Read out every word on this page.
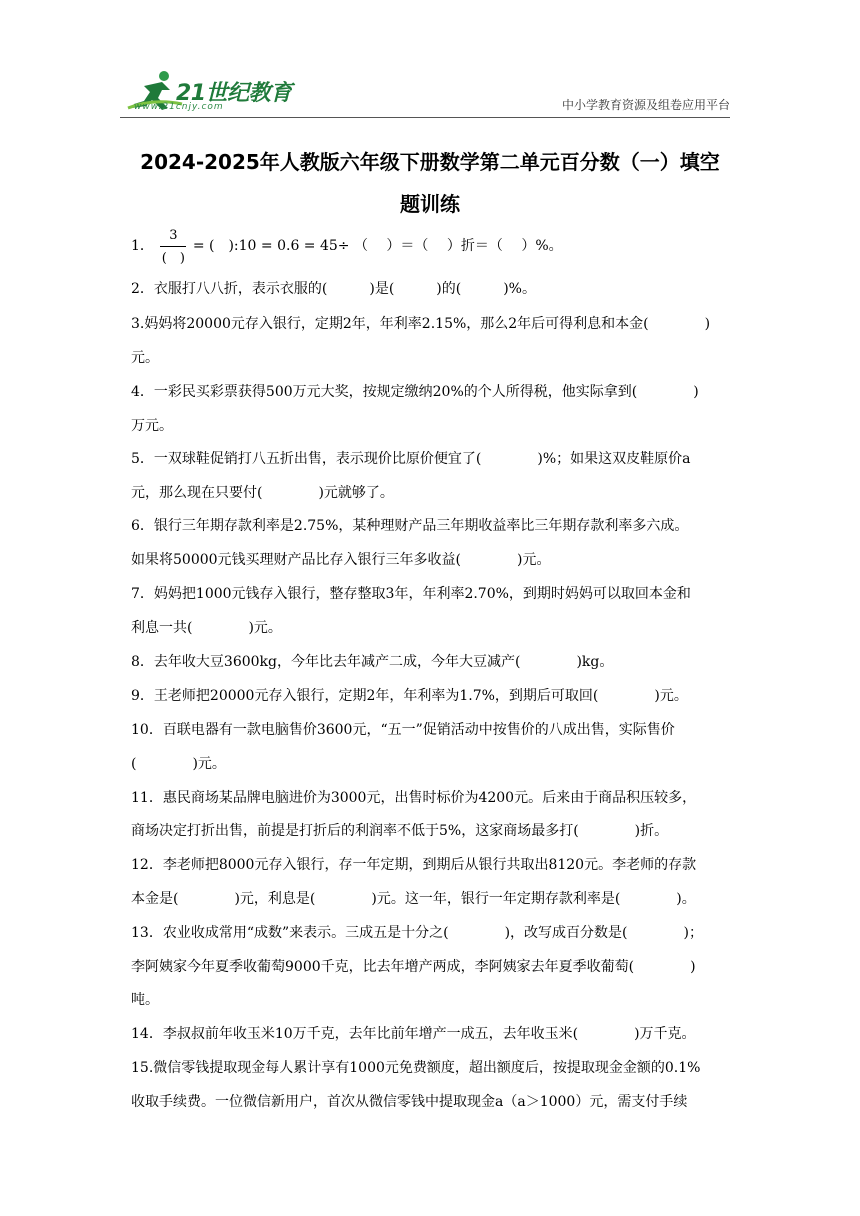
21世纪教育
www.21cnjy.com	中小学教育资源及组卷应用平台
2024-2025年人教版六年级下册数学第二单元百分数（一）填空
题训练
1． $\frac{3}{( )}$ = (　):10 = 0.6 = 45÷ （　 ）＝（　 ）折＝（　 ）%。
2．衣服打八八折，表示衣服的(　　　)是(　　　)的(　　　)%。
3.妈妈将20000元存入银行，定期2年，年利率2.15%，那么2年后可得利息和本金(　　　　)
元。
4．一彩民买彩票获得500万元大奖，按规定缴纳20%的个人所得税，他实际拿到(　　　　)
万元。
5．一双球鞋促销打八五折出售，表示现价比原价便宜了(　　　　)%；如果这双皮鞋原价a
元，那么现在只要付(　　　　)元就够了。
6．银行三年期存款利率是2.75%，某种理财产品三年期收益率比三年期存款利率多六成。
如果将50000元钱买理财产品比存入银行三年多收益(　　　　)元。
7．妈妈把1000元钱存入银行，整存整取3年，年利率2.70%，到期时妈妈可以取回本金和
利息一共(　　　　)元。
8．去年收大豆3600kg，今年比去年减产二成，今年大豆减产(　　　　)kg。
9．王老师把20000元存入银行，定期2年，年利率为1.7%，到期后可取回(　　　　)元。
10．百联电器有一款电脑售价3600元，“五一”促销活动中按售价的八成出售，实际售价
(　　　　)元。
11．惠民商场某品牌电脑进价为3000元，出售时标价为4200元。后来由于商品积压较多，
商场决定打折出售，前提是打折后的利润率不低于5%，这家商场最多打(　　　　)折。
12．李老师把8000元存入银行，存一年定期，到期后从银行共取出8120元。李老师的存款
本金是(　　　　)元，利息是(　　　　)元。这一年，银行一年定期存款利率是(　　　　)。
13．农业收成常用“成数”来表示。三成五是十分之(　　　　)，改写成百分数是(　　　　)；
李阿姨家今年夏季收葡萄9000千克，比去年增产两成，李阿姨家去年夏季收葡萄(　　　　)
吨。
14．李叔叔前年收玉米10万千克，去年比前年增产一成五，去年收玉米(　　　　)万千克。
15.微信零钱提取现金每人累计享有1000元免费额度，超出额度后，按提取现金金额的0.1%
收取手续费。一位微信新用户，首次从微信零钱中提取现金a（a＞1000）元，需支付手续
